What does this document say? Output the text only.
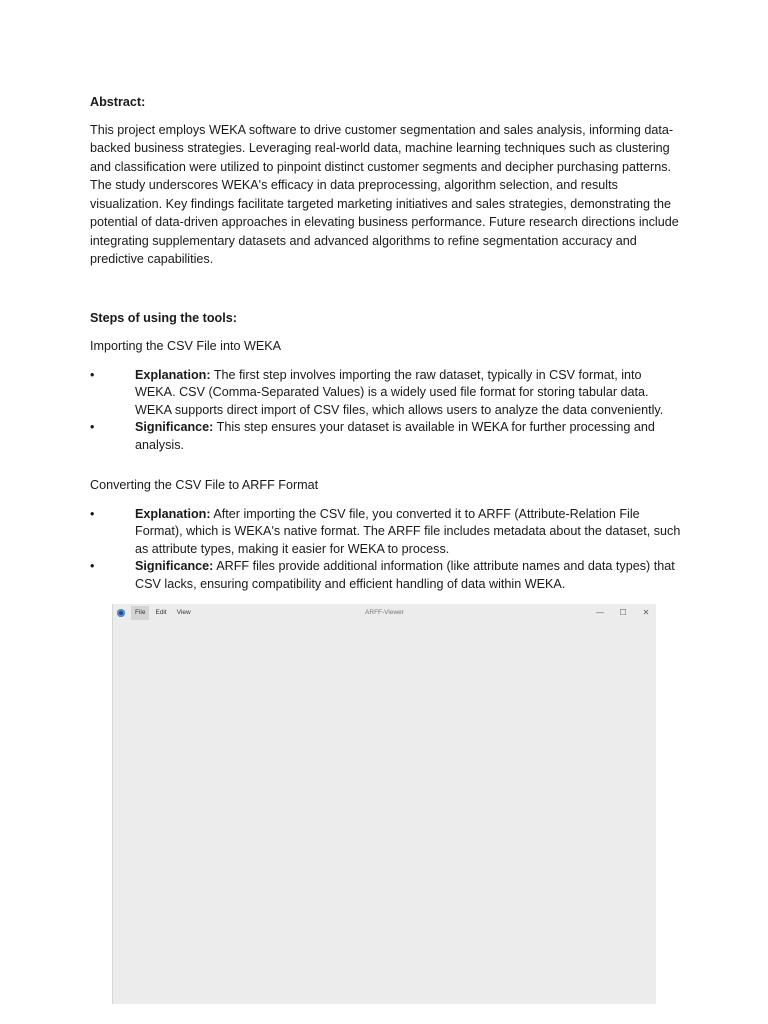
Abstract:

This project employs WEKA software to drive customer segmentation and sales analysis, informing data-backed business strategies. Leveraging real-world data, machine learning techniques such as clustering and classification were utilized to pinpoint distinct customer segments and decipher purchasing patterns. The study underscores WEKA's efficacy in data preprocessing, algorithm selection, and results visualization. Key findings facilitate targeted marketing initiatives and sales strategies, demonstrating the potential of data-driven approaches in elevating business performance. Future research directions include integrating supplementary datasets and advanced algorithms to refine segmentation accuracy and predictive capabilities.

Steps of using the tools:

Importing the CSV File into WEKA

•	Explanation: The first step involves importing the raw dataset, typically in CSV format, into WEKA. CSV (Comma-Separated Values) is a widely used file format for storing tabular data. WEKA supports direct import of CSV files, which allows users to analyze the data conveniently.
•	Significance: This step ensures your dataset is available in WEKA for further processing and analysis.

Converting the CSV File to ARFF Format

•	Explanation: After importing the CSV file, you converted it to ARFF (Attribute-Relation File Format), which is WEKA's native format. The ARFF file includes metadata about the dataset, such as attribute types, making it easier for WEKA to process.
•	Significance: ARFF files provide additional information (like attribute names and data types) that CSV lacks, ensuring compatibility and efficient handling of data within WEKA.
File	Edit	View	ARFF-Viewer	— ☐ ✕
